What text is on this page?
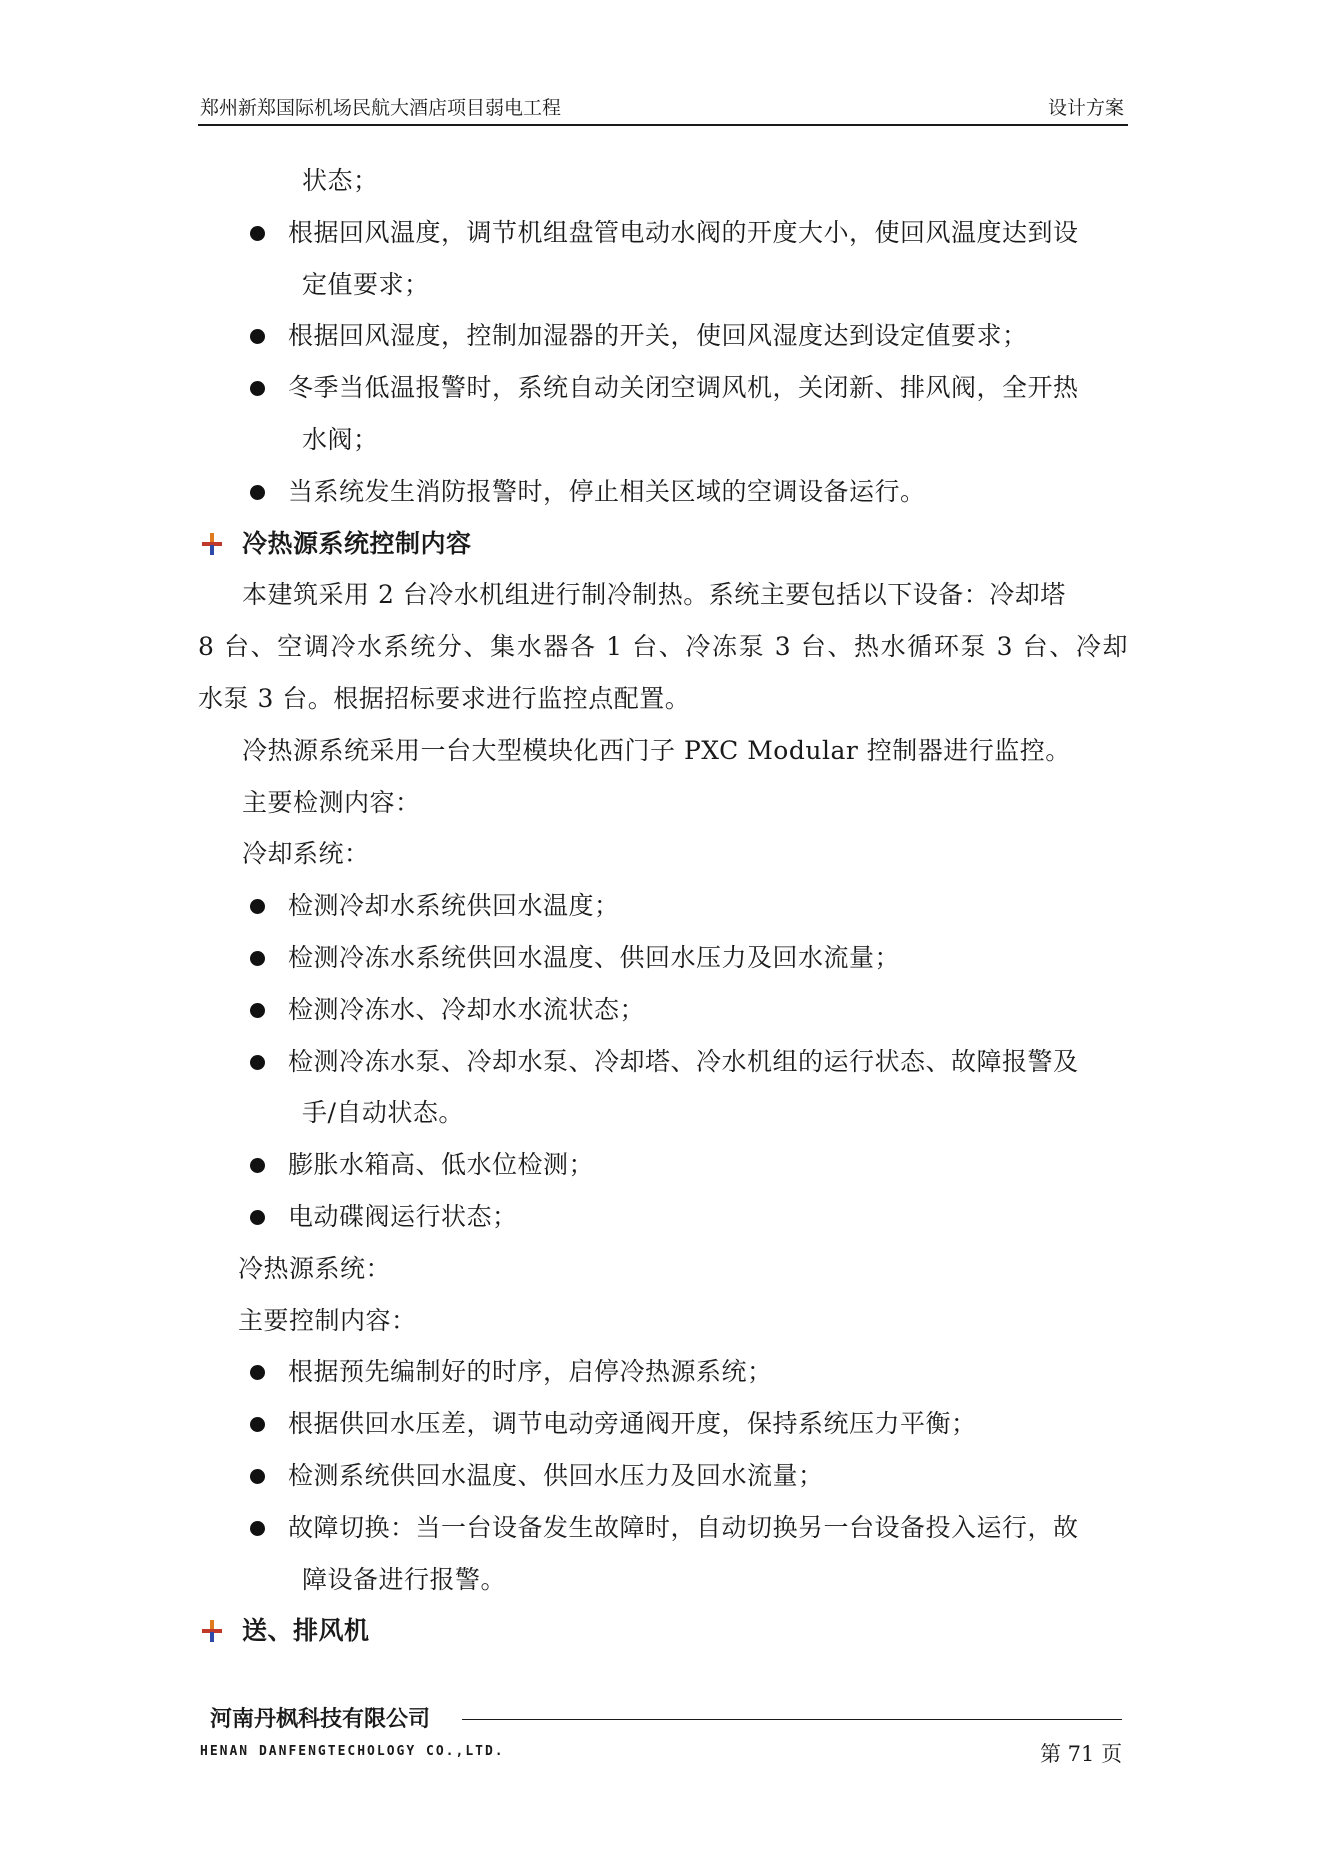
郑州新郑国际机场民航大酒店项目弱电工程	设计方案
状态；
根据回风温度，调节机组盘管电动水阀的开度大小，使回风温度达到设
定值要求；
根据回风湿度，控制加湿器的开关，使回风湿度达到设定值要求；
冬季当低温报警时，系统自动关闭空调风机，关闭新、排风阀，全开热
水阀；
当系统发生消防报警时，停止相关区域的空调设备运行。
冷热源系统控制内容
本建筑采用 2 台冷水机组进行制冷制热。系统主要包括以下设备：冷却塔
8 台、空调冷水系统分、集水器各 1 台、冷冻泵 3 台、热水循环泵 3 台、冷却
水泵 3 台。根据招标要求进行监控点配置。
冷热源系统采用一台大型模块化西门子 PXC Modular 控制器进行监控。
主要检测内容：
冷却系统：
检测冷却水系统供回水温度；
检测冷冻水系统供回水温度、供回水压力及回水流量；
检测冷冻水、冷却水水流状态；
检测冷冻水泵、冷却水泵、冷却塔、冷水机组的运行状态、故障报警及
手/自动状态。
膨胀水箱高、低水位检测；
电动碟阀运行状态；
冷热源系统：
主要控制内容：
根据预先编制好的时序，启停冷热源系统；
根据供回水压差，调节电动旁通阀开度，保持系统压力平衡；
检测系统供回水温度、供回水压力及回水流量；
故障切换：当一台设备发生故障时，自动切换另一台设备投入运行，故
障设备进行报警。
送、排风机
河南丹枫科技有限公司
HENAN DANFENGTECHOLOGY CO.,LTD.	第 71 页
